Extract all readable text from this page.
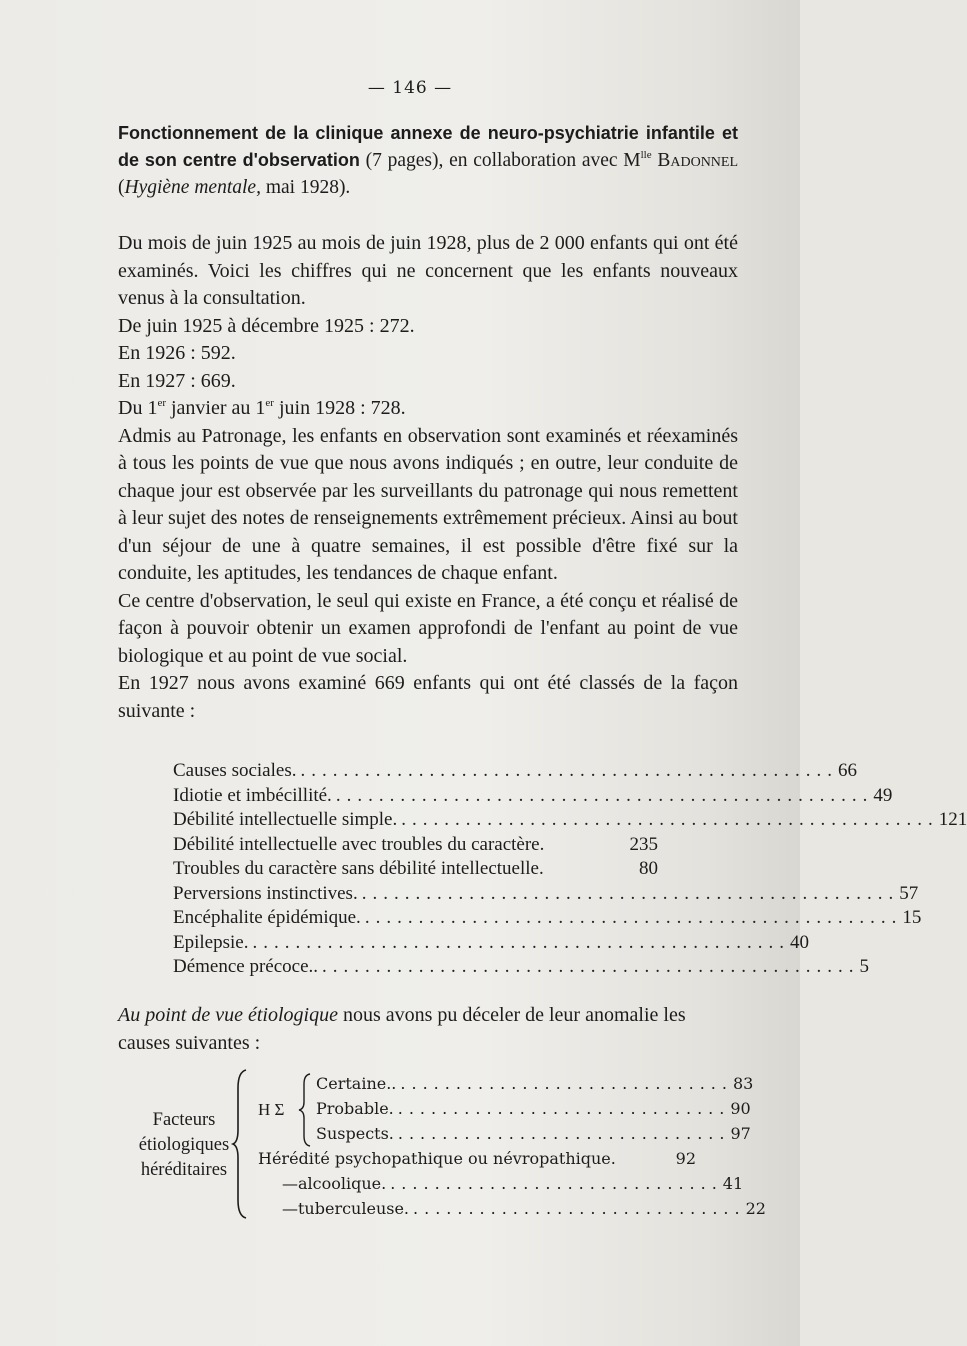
— 146 —
Fonctionnement de la clinique annexe de neuro-psychiatrie infantile et de son centre d'observation (7 pages), en collaboration avec $M^{lle}$ Badonnel (Hygiène mentale, mai 1928).
Du mois de juin 1925 au mois de juin 1928, plus de 2 000 enfants qui ont été examinés. Voici les chiffres qui ne concernent que les enfants nouveaux venus à la consultation.
De juin 1925 à décembre 1925 : 272.
En 1926 : 592.
En 1927 : 669.
Du 1er janvier au 1er juin 1928 : 728.
Admis au Patronage, les enfants en observation sont examinés et réexaminés à tous les points de vue que nous avons indiqués ; en outre, leur conduite de chaque jour est observée par les surveillants du patronage qui nous remettent à leur sujet des notes de renseignements extrêmement précieux. Ainsi au bout d'un séjour de une à quatre semaines, il est possible d'être fixé sur la conduite, les aptitudes, les tendances de chaque enfant.
Ce centre d'observation, le seul qui existe en France, a été conçu et réalisé de façon à pouvoir obtenir un examen approfondi de l'enfant au point de vue biologique et au point de vue social.
En 1927 nous avons examiné 669 enfants qui ont été classés de la façon suivante :
Causes sociales. .................................................. 66
Idiotie et imbécillité. .................................................. 49
Débilité intellectuelle simple. .................................................. 121
Débilité intellectuelle avec troubles du caractère.	235
Troubles du caractère sans débilité intellectuelle.	80
Perversions instinctives. .................................................. 57
Encéphalite épidémique. .................................................. 15
Epilepsie. .................................................. 40
Démence précoce.. .................................................. 5
Au point de vue étiologique nous avons pu déceler de leur anomalie les causes suivantes :
Facteurs
étiologiques
héréditaires
H Σ
Certaine.. .............................. 83
Probable. .............................. 90
Suspects. .............................. 97
Hérédité psychopathique ou névropathique.	92
— alcoolique. .............................. 41
— tuberculeuse. .............................. 22
